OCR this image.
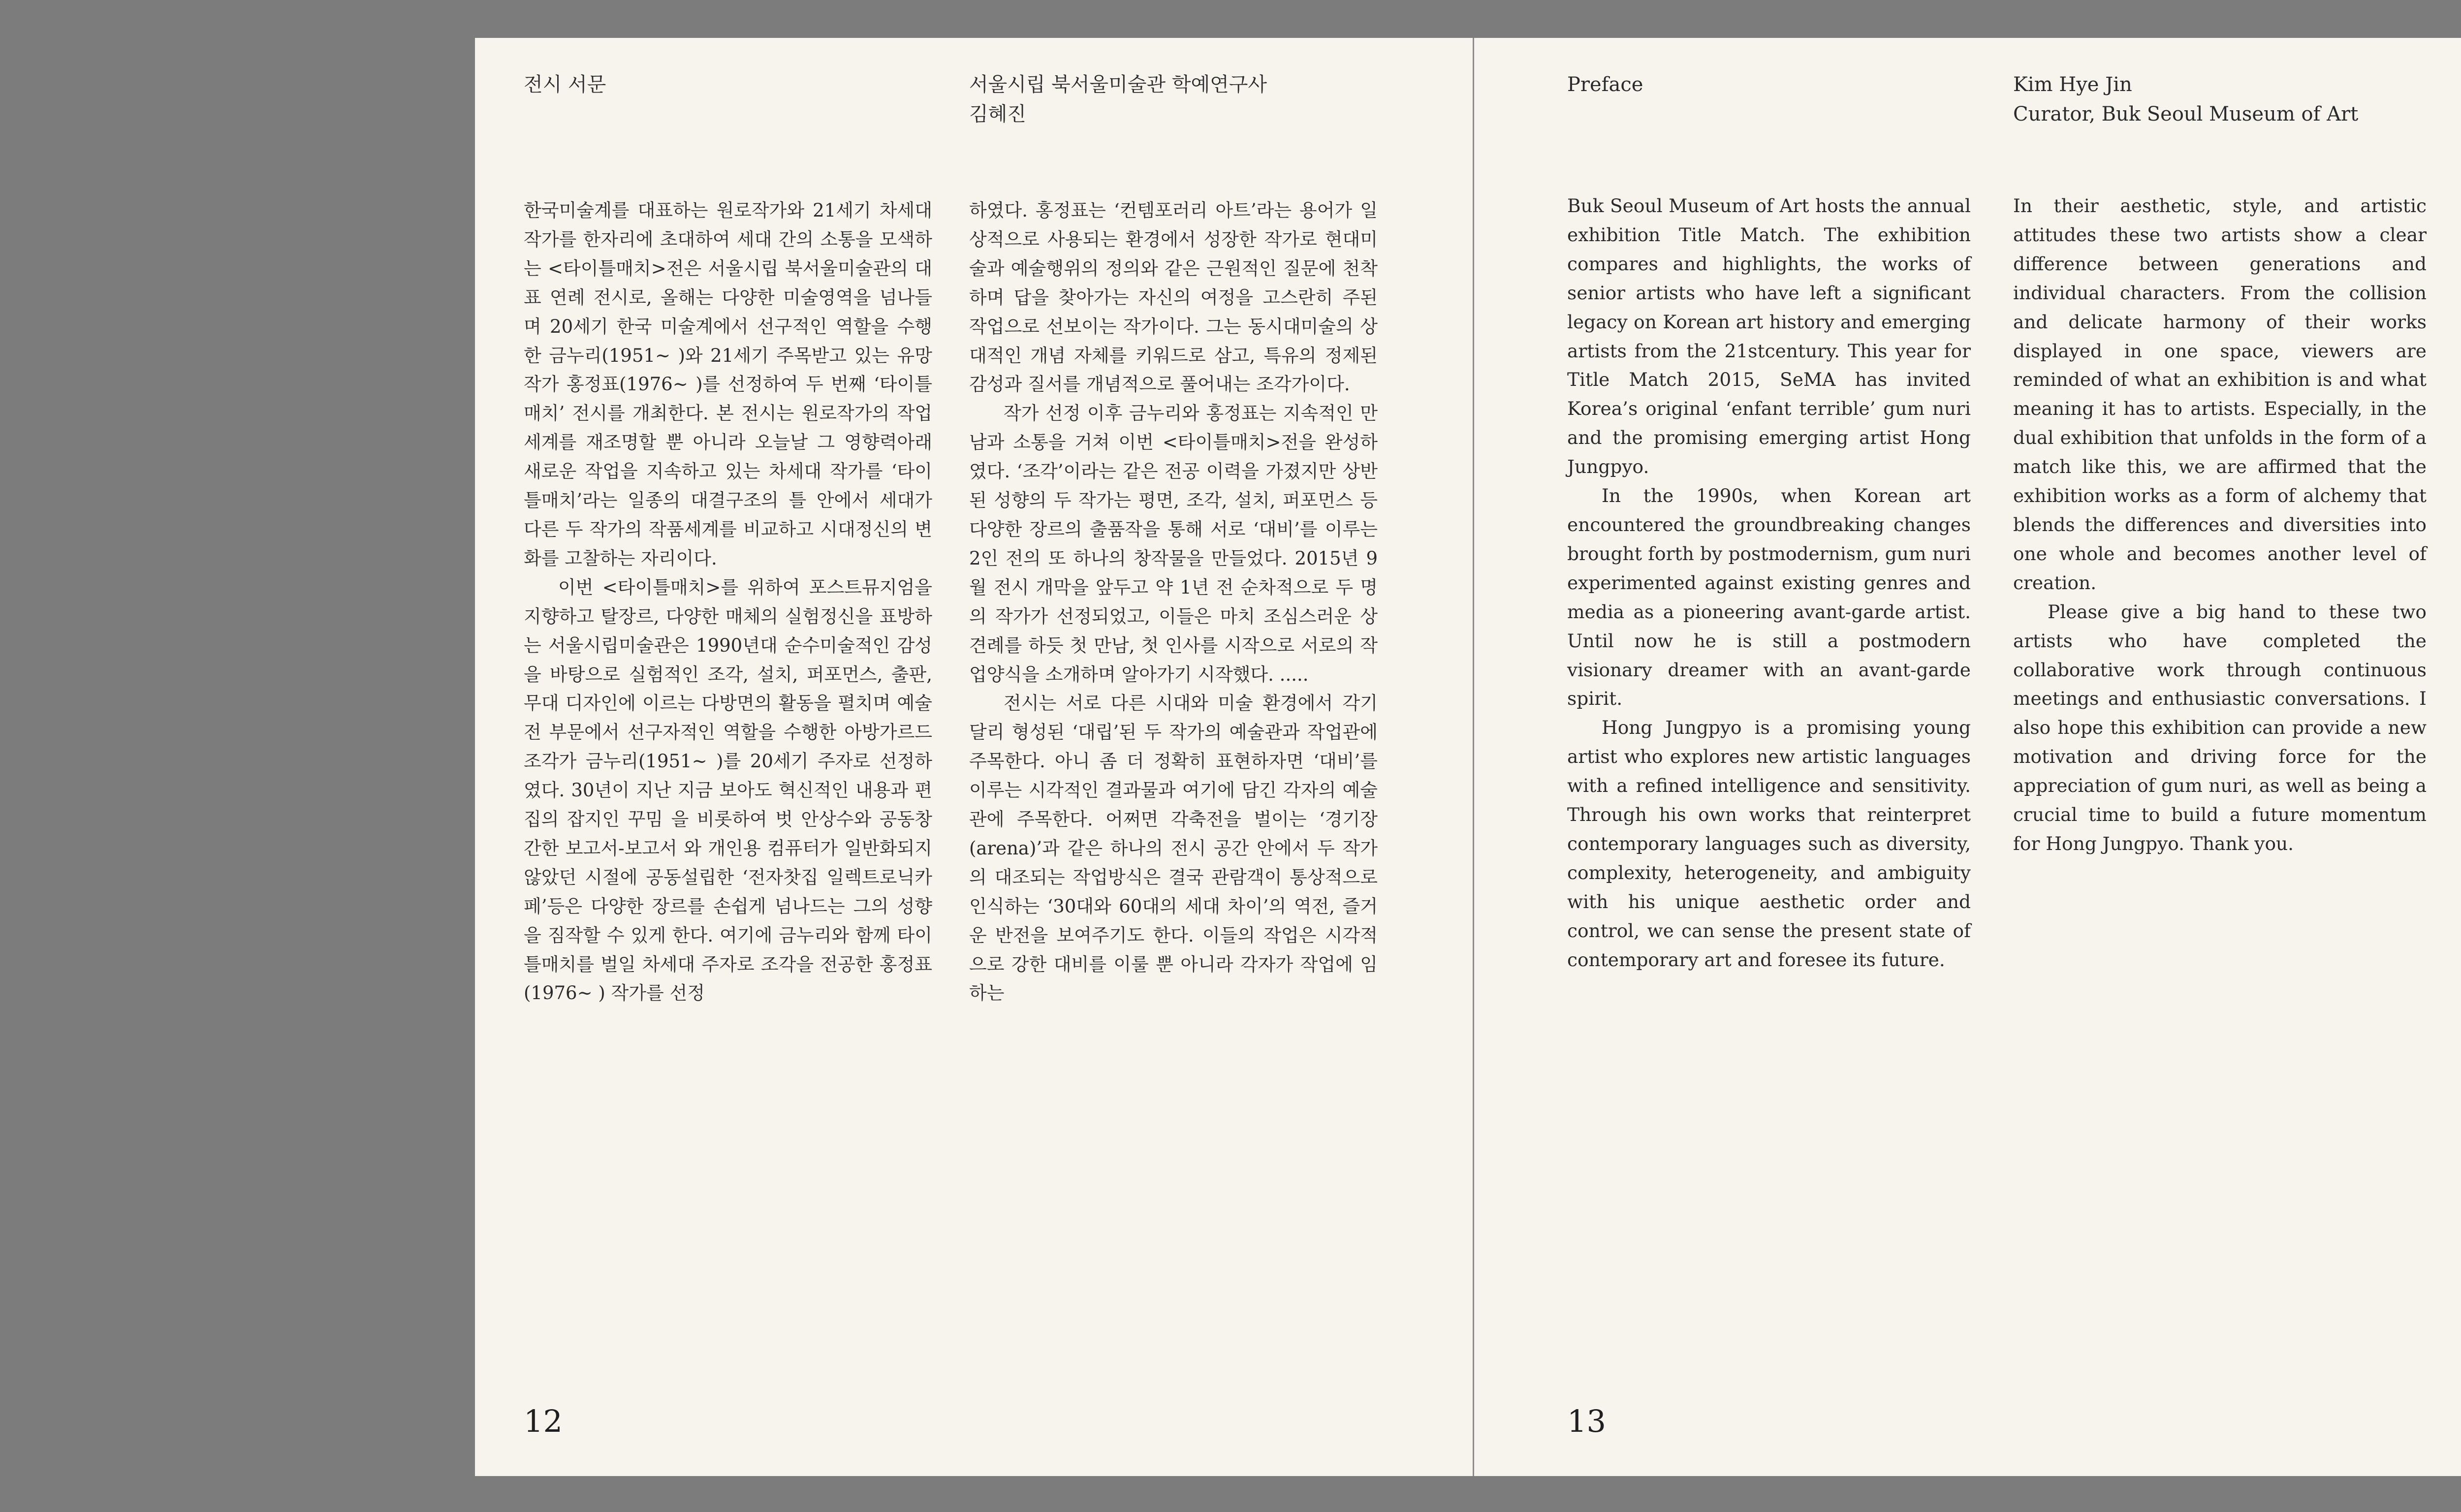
전시 서문	서울시립 북서울미술관 학예연구사
김혜진

한국미술계를 대표하는 원로작가와 21세기 차세대 작가를 한자리에 초대하여 세대 간의 소통을 모색하는 <타이틀매치>전은 서울시립 북서울미술관의 대표 연례 전시로, 올해는 다양한 미술영역을 넘나들며 20세기 한국 미술계에서 선구적인 역할을 수행한 금누리(1951~ )와 21세기 주목받고 있는 유망작가 홍정표(1976~ )를 선정하여 두 번째 ‘타이틀매치’ 전시를 개최한다. 본 전시는 원로작가의 작업세계를 재조명할 뿐 아니라 오늘날 그 영향력아래 새로운 작업을 지속하고 있는 차세대 작가를 ‘타이틀매치’라는 일종의 대결구조의 틀 안에서 세대가 다른 두 작가의 작품세계를 비교하고 시대정신의 변화를 고찰하는 자리이다.

이번 <타이틀매치>를 위하여 포스트뮤지엄을 지향하고 탈장르, 다양한 매체의 실험정신을 표방하는 서울시립미술관은 1990년대 순수미술적인 감성을 바탕으로 실험적인 조각, 설치, 퍼포먼스, 출판, 무대 디자인에 이르는 다방면의 활동을 펼치며 예술 전 부문에서 선구자적인 역할을 수행한 아방가르드 조각가 금누리(1951~ )를 20세기 주자로 선정하였다. 30년이 지난 지금 보아도 혁신적인 내용과 편집의 잡지인 꾸밈 을 비롯하여 벗 안상수와 공동창간한 보고서-보고서 와 개인용 컴퓨터가 일반화되지 않았던 시절에 공동설립한 ‘전자찻집 일렉트로닉카페’등은 다양한 장르를 손쉽게 넘나드는 그의 성향을 짐작할 수 있게 한다. 여기에 금누리와 함께 타이틀매치를 벌일 차세대 주자로 조각을 전공한 홍정표(1976~ ) 작가를 선정

하였다. 홍정표는 ‘컨템포러리 아트’라는 용어가 일상적으로 사용되는 환경에서 성장한 작가로 현대미술과 예술행위의 정의와 같은 근원적인 질문에 천착하며 답을 찾아가는 자신의 여정을 고스란히 주된 작업으로 선보이는 작가이다. 그는 동시대미술의 상대적인 개념 자체를 키워드로 삼고, 특유의 정제된 감성과 질서를 개념적으로 풀어내는 조각가이다.

작가 선정 이후 금누리와 홍정표는 지속적인 만남과 소통을 거쳐 이번 <타이틀매치>전을 완성하였다. ‘조각’이라는 같은 전공 이력을 가졌지만 상반된 성향의 두 작가는 평면, 조각, 설치, 퍼포먼스 등 다양한 장르의 출품작을 통해 서로 ‘대비’를 이루는 2인 전의 또 하나의 창작물을 만들었다. 2015년 9월 전시 개막을 앞두고 약 1년 전 순차적으로 두 명의 작가가 선정되었고, 이들은 마치 조심스러운 상견례를 하듯 첫 만남, 첫 인사를 시작으로 서로의 작업양식을 소개하며 알아가기 시작했다. .....

전시는 서로 다른 시대와 미술 환경에서 각기 달리 형성된 ‘대립’된 두 작가의 예술관과 작업관에 주목한다. 아니 좀 더 정확히 표현하자면 ‘대비’를 이루는 시각적인 결과물과 여기에 담긴 각자의 예술관에 주목한다. 어쩌면 각축전을 벌이는 ‘경기장(arena)’과 같은 하나의 전시 공간 안에서 두 작가의 대조되는 작업방식은 결국 관람객이 통상적으로 인식하는 ‘30대와 60대의 세대 차이’의 역전, 즐거운 반전을 보여주기도 한다. 이들의 작업은 시각적으로 강한 대비를 이룰 뿐 아니라 각자가 작업에 임하는

12
Preface	Kim Hye Jin
Curator, Buk Seoul Museum of Art

Buk Seoul Museum of Art hosts the annual exhibition Title Match. The exhibition compares and highlights, the works of senior artists who have left a significant legacy on Korean art history and emerging artists from the 21stcentury. This year for Title Match 2015, SeMA has invited Korea’s original ‘enfant terrible’ gum nuri and the promising emerging artist Hong Jungpyo.

In the 1990s, when Korean art encountered the groundbreaking changes brought forth by postmodernism, gum nuri experimented against existing genres and media as a pioneering avant-garde artist. Until now he is still a postmodern visionary dreamer with an avant-garde spirit.

Hong Jungpyo is a promising young artist who explores new artistic languages with a refined intelligence and sensitivity. Through his own works that reinterpret contemporary languages such as diversity, complexity, heterogeneity, and ambiguity with his unique aesthetic order and control, we can sense the present state of contemporary art and foresee its future.

In their aesthetic, style, and artistic attitudes these two artists show a clear difference between generations and individual characters. From the collision and delicate harmony of their works displayed in one space, viewers are reminded of what an exhibition is and what meaning it has to artists. Especially, in the dual exhibition that unfolds in the form of a match like this, we are affirmed that the exhibition works as a form of alchemy that blends the differences and diversities into one whole and becomes another level of creation.

Please give a big hand to these two artists who have completed the collaborative work through continuous meetings and enthusiastic conversations. I also hope this exhibition can provide a new motivation and driving force for the appreciation of gum nuri, as well as being a crucial time to build a future momentum for Hong Jungpyo. Thank you.

13
